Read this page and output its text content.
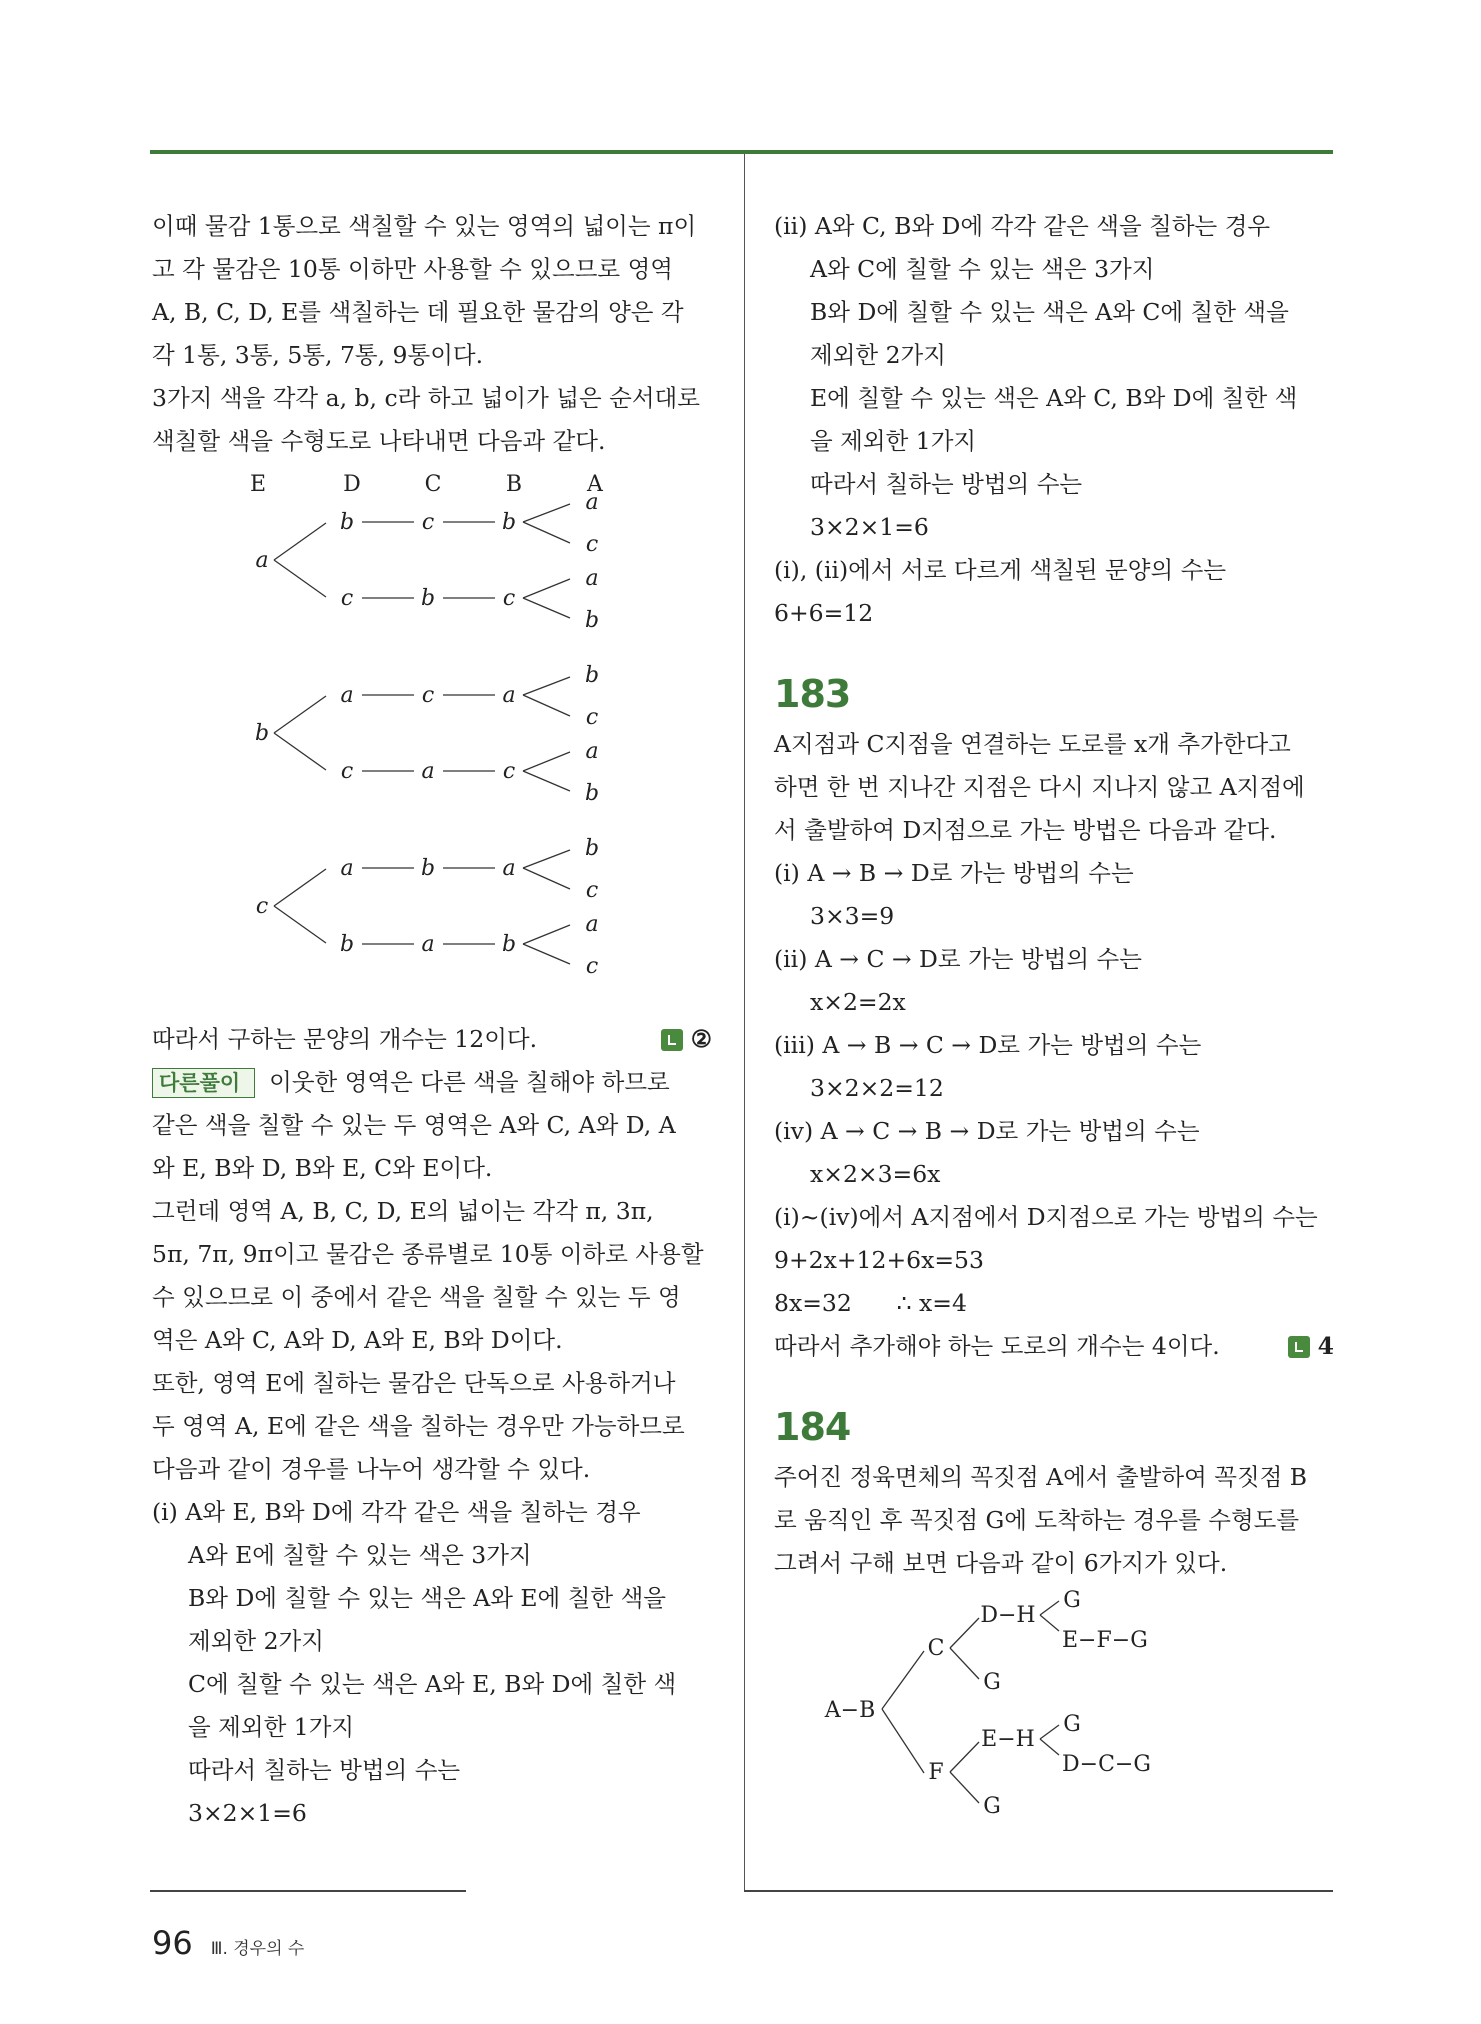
이때 물감 1통으로 색칠할 수 있는 영역의 넓이는 π이
고 각 물감은 10통 이하만 사용할 수 있으므로 영역
A, B, C, D, E를 색칠하는 데 필요한 물감의 양은 각
각 1통, 3통, 5통, 7통, 9통이다.
3가지 색을 각각 a, b, c라 하고 넓이가 넓은 순서대로
색칠할 색을 수형도로 나타내면 다음과 같다.
E	D	C	B	A
a
b	c	b
a
c
c	b	c
a
b
b
a	c	a
b
c
c	a	c
a
b
c
a	b	a
b
c
b	a	b
a
c
따라서 구하는 문양의 개수는 12이다.	②
다른풀이 이웃한 영역은 다른 색을 칠해야 하므로
같은 색을 칠할 수 있는 두 영역은 A와 C, A와 D, A
와 E, B와 D, B와 E, C와 E이다.
그런데 영역 A, B, C, D, E의 넓이는 각각 π, 3π,
5π, 7π, 9π이고 물감은 종류별로 10통 이하로 사용할
수 있으므로 이 중에서 같은 색을 칠할 수 있는 두 영
역은 A와 C, A와 D, A와 E, B와 D이다.
또한, 영역 E에 칠하는 물감은 단독으로 사용하거나
두 영역 A, E에 같은 색을 칠하는 경우만 가능하므로
다음과 같이 경우를 나누어 생각할 수 있다.
(i) A와 E, B와 D에 각각 같은 색을 칠하는 경우
A와 E에 칠할 수 있는 색은 3가지
B와 D에 칠할 수 있는 색은 A와 E에 칠한 색을
제외한 2가지
C에 칠할 수 있는 색은 A와 E, B와 D에 칠한 색
을 제외한 1가지
따라서 칠하는 방법의 수는
3×2×1=6
(ii) A와 C, B와 D에 각각 같은 색을 칠하는 경우
A와 C에 칠할 수 있는 색은 3가지
B와 D에 칠할 수 있는 색은 A와 C에 칠한 색을
제외한 2가지
E에 칠할 수 있는 색은 A와 C, B와 D에 칠한 색
을 제외한 1가지
따라서 칠하는 방법의 수는
3×2×1=6
(i), (ii)에서 서로 다르게 색칠된 문양의 수는
6+6=12
183
A지점과 C지점을 연결하는 도로를 x개 추가한다고
하면 한 번 지나간 지점은 다시 지나지 않고 A지점에
서 출발하여 D지점으로 가는 방법은 다음과 같다.
(i) A → B → D로 가는 방법의 수는
3×3=9
(ii) A → C → D로 가는 방법의 수는
x×2=2x
(iii) A → B → C → D로 가는 방법의 수는
3×2×2=12
(iv) A → C → B → D로 가는 방법의 수는
x×2×3=6x
(i)~(iv)에서 A지점에서 D지점으로 가는 방법의 수는
9+2x+12+6x=53
8x=32      ∴ x=4
따라서 추가해야 하는 도로의 개수는 4이다.	4
184
주어진 정육면체의 꼭짓점 A에서 출발하여 꼭짓점 B
로 움직인 후 꼭짓점 G에 도착하는 경우를 수형도를
그려서 구해 보면 다음과 같이 6가지가 있다.
A−B
C
D−H
G
E−F−G
G
F
E−H
G
D−C−G
G
96 Ⅲ. 경우의 수
